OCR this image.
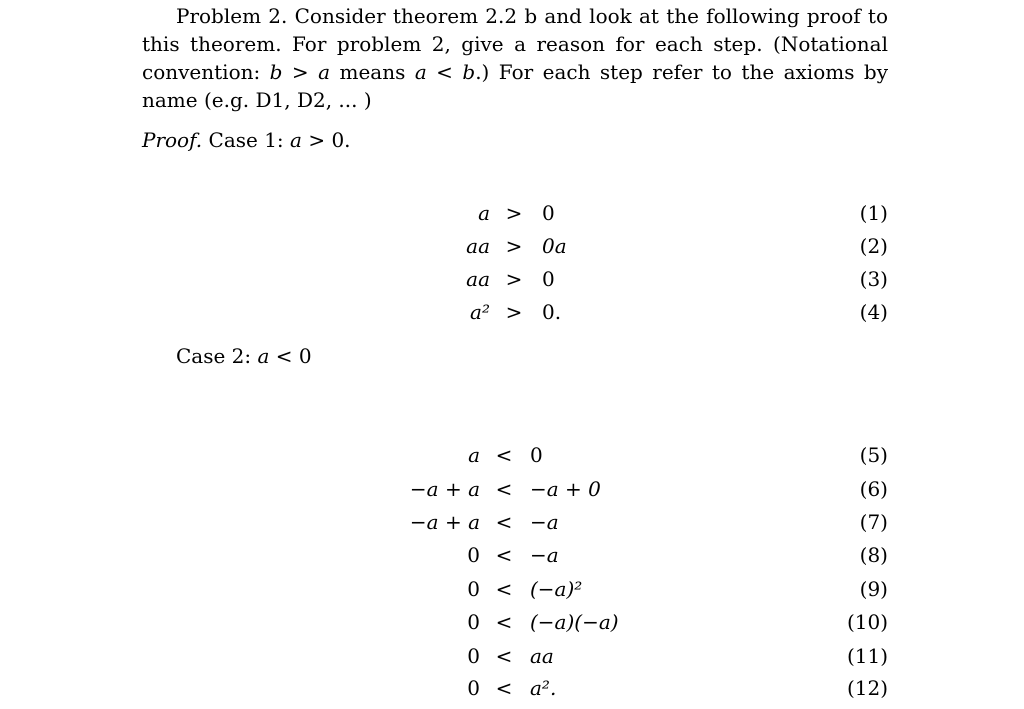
Problem 2. Consider theorem 2.2 b and look at the following proof to this theorem. For problem 2, give a reason for each step. (Notational convention: b > a means a < b.) For each step refer to the axioms by name (e.g. D1, D2, ... )
Proof. Case 1: a > 0.
a > 0	(1)
aa > 0a	(2)
aa > 0	(3)
a² > 0.	(4)
Case 2: a < 0
a < 0	(5)
−a + a < −a + 0	(6)
−a + a < −a	(7)
0 < −a	(8)
0 < (−a)²	(9)
0 < (−a)(−a)	(10)
0 < aa	(11)
0 < a².	(12)
